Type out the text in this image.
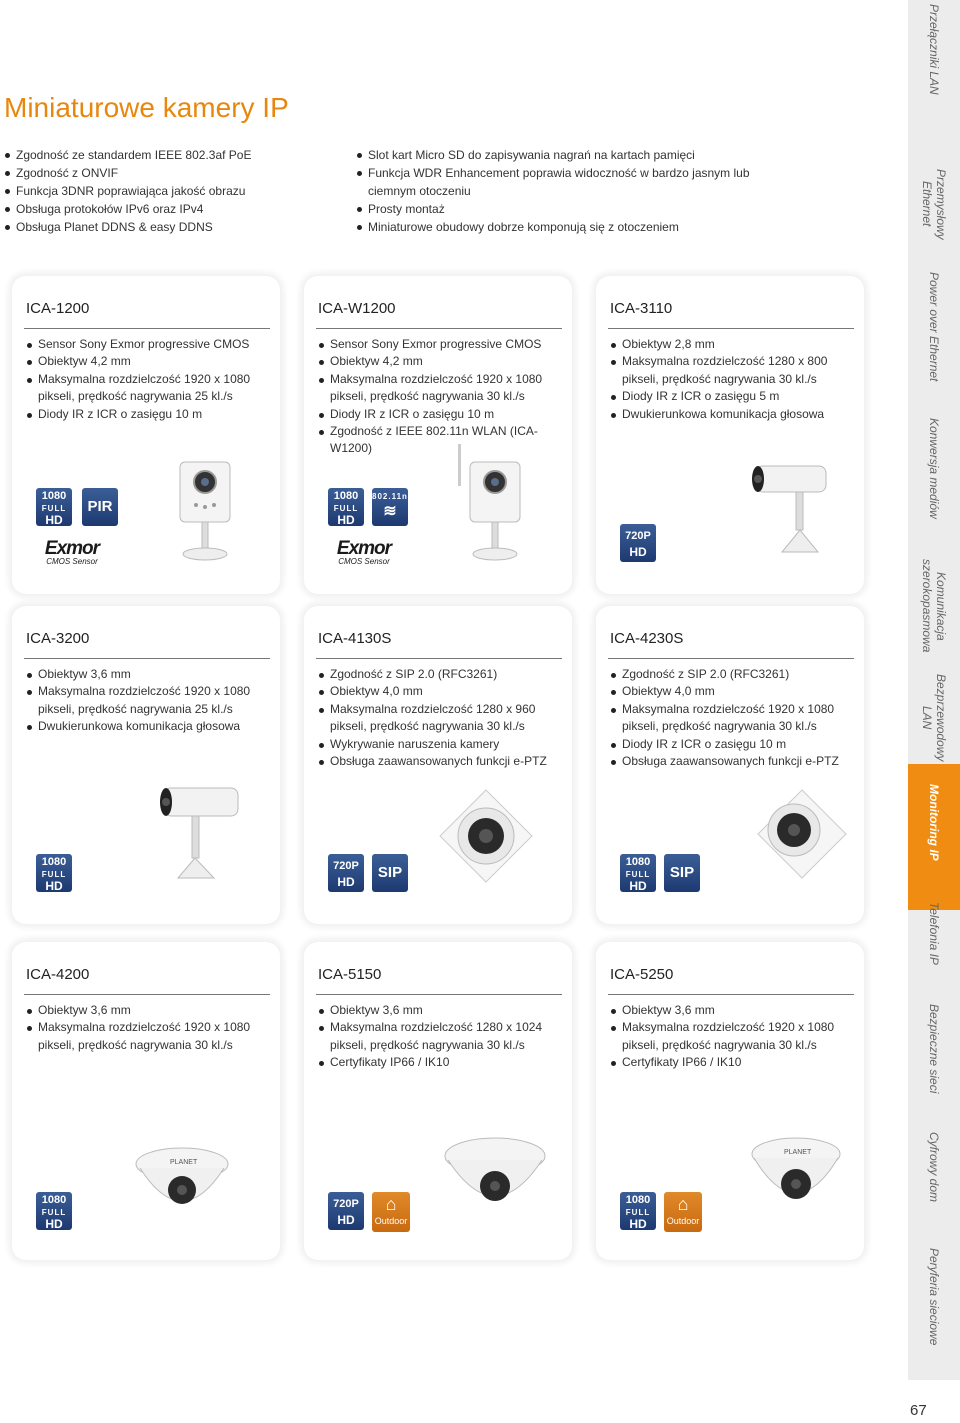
Miniaturowe kamery IP
Zgodność ze standardem IEEE 802.3af PoE
Zgodność z ONVIF
Funkcja 3DNR poprawiająca jakość obrazu
Obsługa protokołów IPv6 oraz IPv4
Obsługa Planet DDNS & easy DDNS
Slot kart Micro SD do zapisywania nagrań na kartach pamięci
Funkcja WDR Enhancement poprawia widoczność w bardzo jasnym lub ciemnym otoczeniu
Prosty montaż
Miniaturowe obudowy dobrze komponują się z otoczeniem
ICA-1200
Sensor Sony Exmor progressive CMOS
Obiektyw 4,2 mm
Maksymalna rozdzielczość 1920 x 1080 pikseli, prędkość nagrywania 25 kl./s
Diody IR z ICR o zasięgu 10 m
1080
FULL
HD
PIR
Exmor
CMOS Sensor
ICA-W1200
Sensor Sony Exmor progressive CMOS
Obiektyw 4,2 mm
Maksymalna rozdzielczość 1920 x 1080 pikseli, prędkość nagrywania 30 kl./s
Diody IR z ICR o zasięgu 10 m
Zgodność z IEEE 802.11n WLAN (ICA-W1200)
1080
FULL
HD
802.11n
≋
Exmor
CMOS Sensor
ICA-3110
Obiektyw 2,8 mm
Maksymalna rozdzielczość 1280 x 800 pikseli, prędkość nagrywania 30 kl./s
Diody IR z ICR o zasięgu 5 m
Dwukierunkowa komunikacja głosowa
720P
HD
ICA-3200
Obiektyw 3,6 mm
Maksymalna rozdzielczość 1920 x 1080 pikseli, prędkość nagrywania 25 kl./s
Dwukierunkowa komunikacja głosowa
1080
FULL
HD
ICA-4130S
Zgodność z SIP 2.0 (RFC3261)
Obiektyw 4,0 mm
Maksymalna rozdzielczość 1280 x 960 pikseli, prędkość nagrywania 30 kl./s
Wykrywanie naruszenia kamery
Obsługa zaawansowanych funkcji e-PTZ
720P
HD
SIP
ICA-4230S
Zgodność z SIP 2.0 (RFC3261)
Obiektyw 4,0 mm
Maksymalna rozdzielczość 1920 x 1080 pikseli, prędkość nagrywania 30 kl./s
Diody IR z ICR o zasięgu 10 m
Obsługa zaawansowanych funkcji e-PTZ
1080
FULL
HD
SIP
ICA-4200
Obiektyw 3,6 mm
Maksymalna rozdzielczość 1920 x 1080 pikseli, prędkość nagrywania 30 kl./s
1080
FULL
HD
PLANET
ICA-5150
Obiektyw 3,6 mm
Maksymalna rozdzielczość 1280 x 1024 pikseli, prędkość nagrywania 30 kl./s
Certyfikaty IP66 / IK10
720P
HD
⌂
Outdoor
ICA-5250
Obiektyw 3,6 mm
Maksymalna rozdzielczość 1920 x 1080 pikseli, prędkość nagrywania 30 kl./s
Certyfikaty IP66 / IK10
1080
FULL
HD
⌂
Outdoor
PLANET
Przełączniki LAN
Przemysłowy Ethernet
Power over Ethernet
Konwersja mediów
Komunikacja szerokopasmowa
Bezprzewodowy LAN
Monitoring IP
Telefonia IP
Bezpieczne sieci
Cyfrowy dom
Peryferia sieciowe
67
